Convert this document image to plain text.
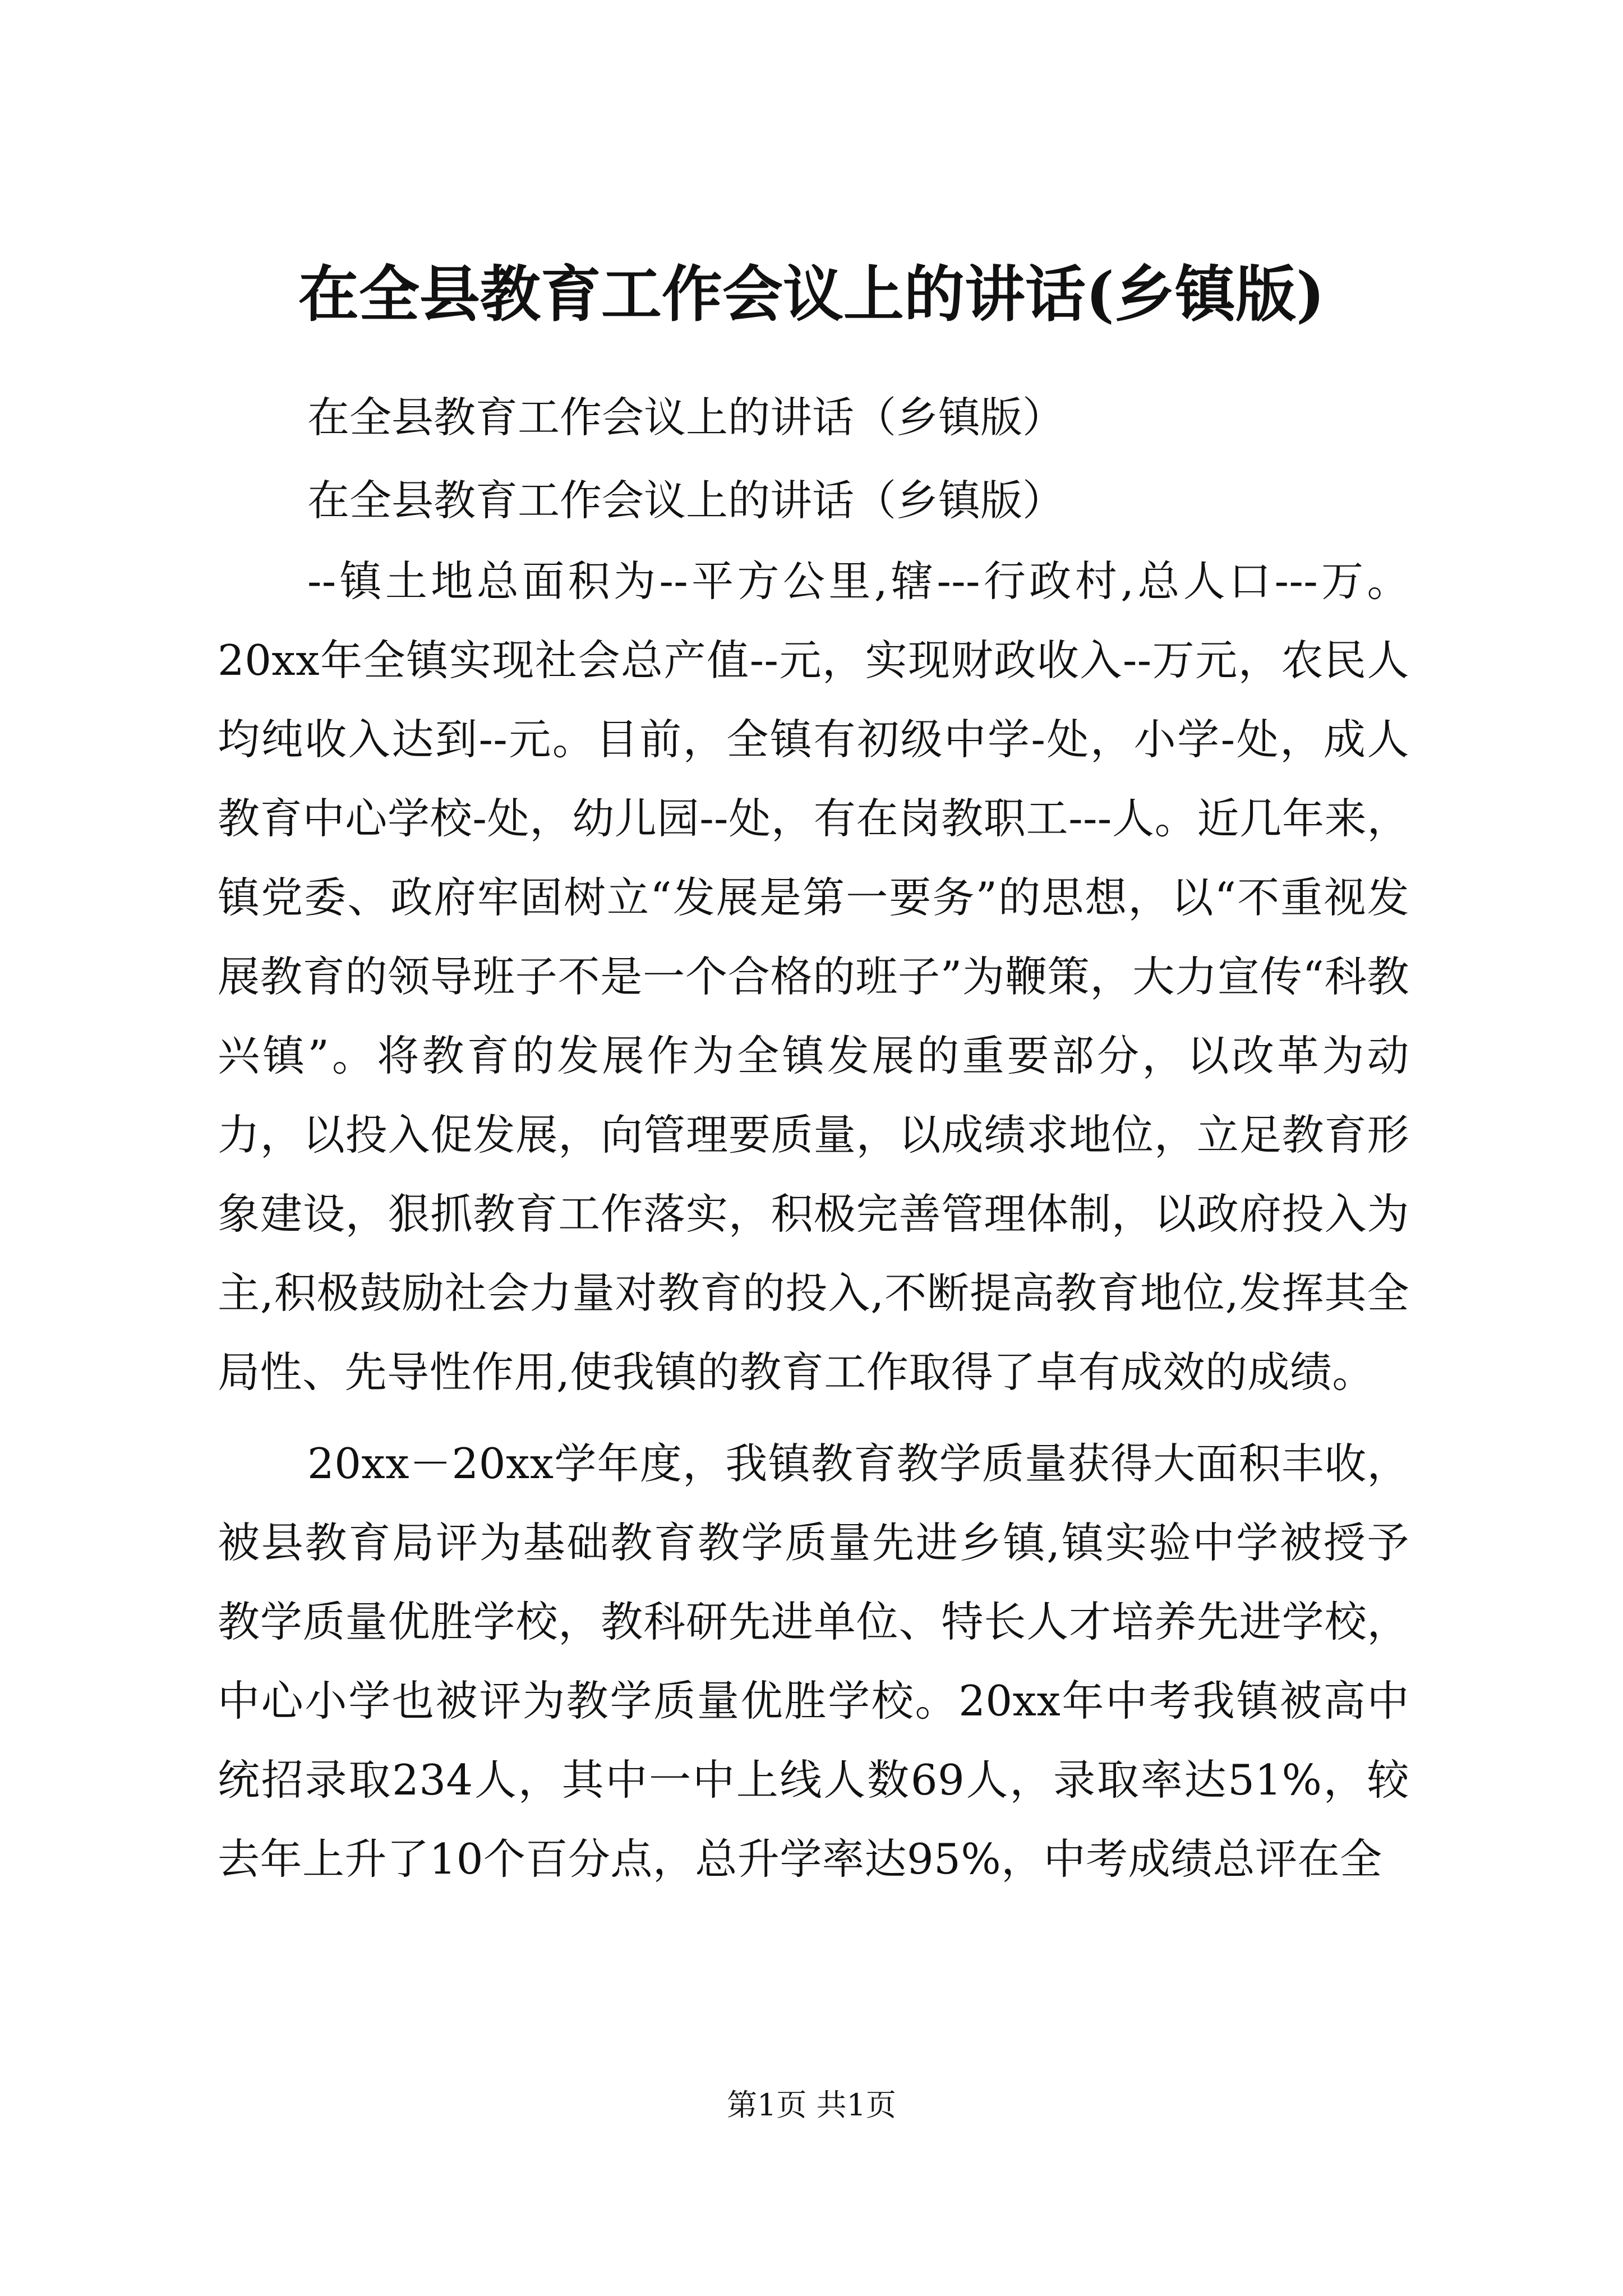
在全县教育工作会议上的讲话(乡镇版)

在全县教育工作会议上的讲话（乡镇版）

在全县教育工作会议上的讲话（乡镇版）

--镇土地总面积为--平方公里,辖---行政村,总人口---万。20xx年全镇实现社会总产值--元，实现财政收入--万元，农民人均纯收入达到--元。目前，全镇有初级中学-处，小学-处，成人教育中心学校-处，幼儿园--处，有在岗教职工---人。近几年来，镇党委、政府牢固树立“发展是第一要务”的思想，以“不重视发展教育的领导班子不是一个合格的班子”为鞭策，大力宣传“科教兴镇”。将教育的发展作为全镇发展的重要部分，以改革为动力，以投入促发展，向管理要质量，以成绩求地位，立足教育形象建设，狠抓教育工作落实，积极完善管理体制，以政府投入为主,积极鼓励社会力量对教育的投入,不断提高教育地位,发挥其全局性、先导性作用,使我镇的教育工作取得了卓有成效的成绩。

20xx－20xx学年度，我镇教育教学质量获得大面积丰收，被县教育局评为基础教育教学质量先进乡镇,镇实验中学被授予教学质量优胜学校，教科研先进单位、特长人才培养先进学校，中心小学也被评为教学质量优胜学校。20xx年中考我镇被高中统招录取234人，其中一中上线人数69人，录取率达51%，较去年上升了10个百分点，总升学率达95%，中考成绩总评在全

第1页 共1页
